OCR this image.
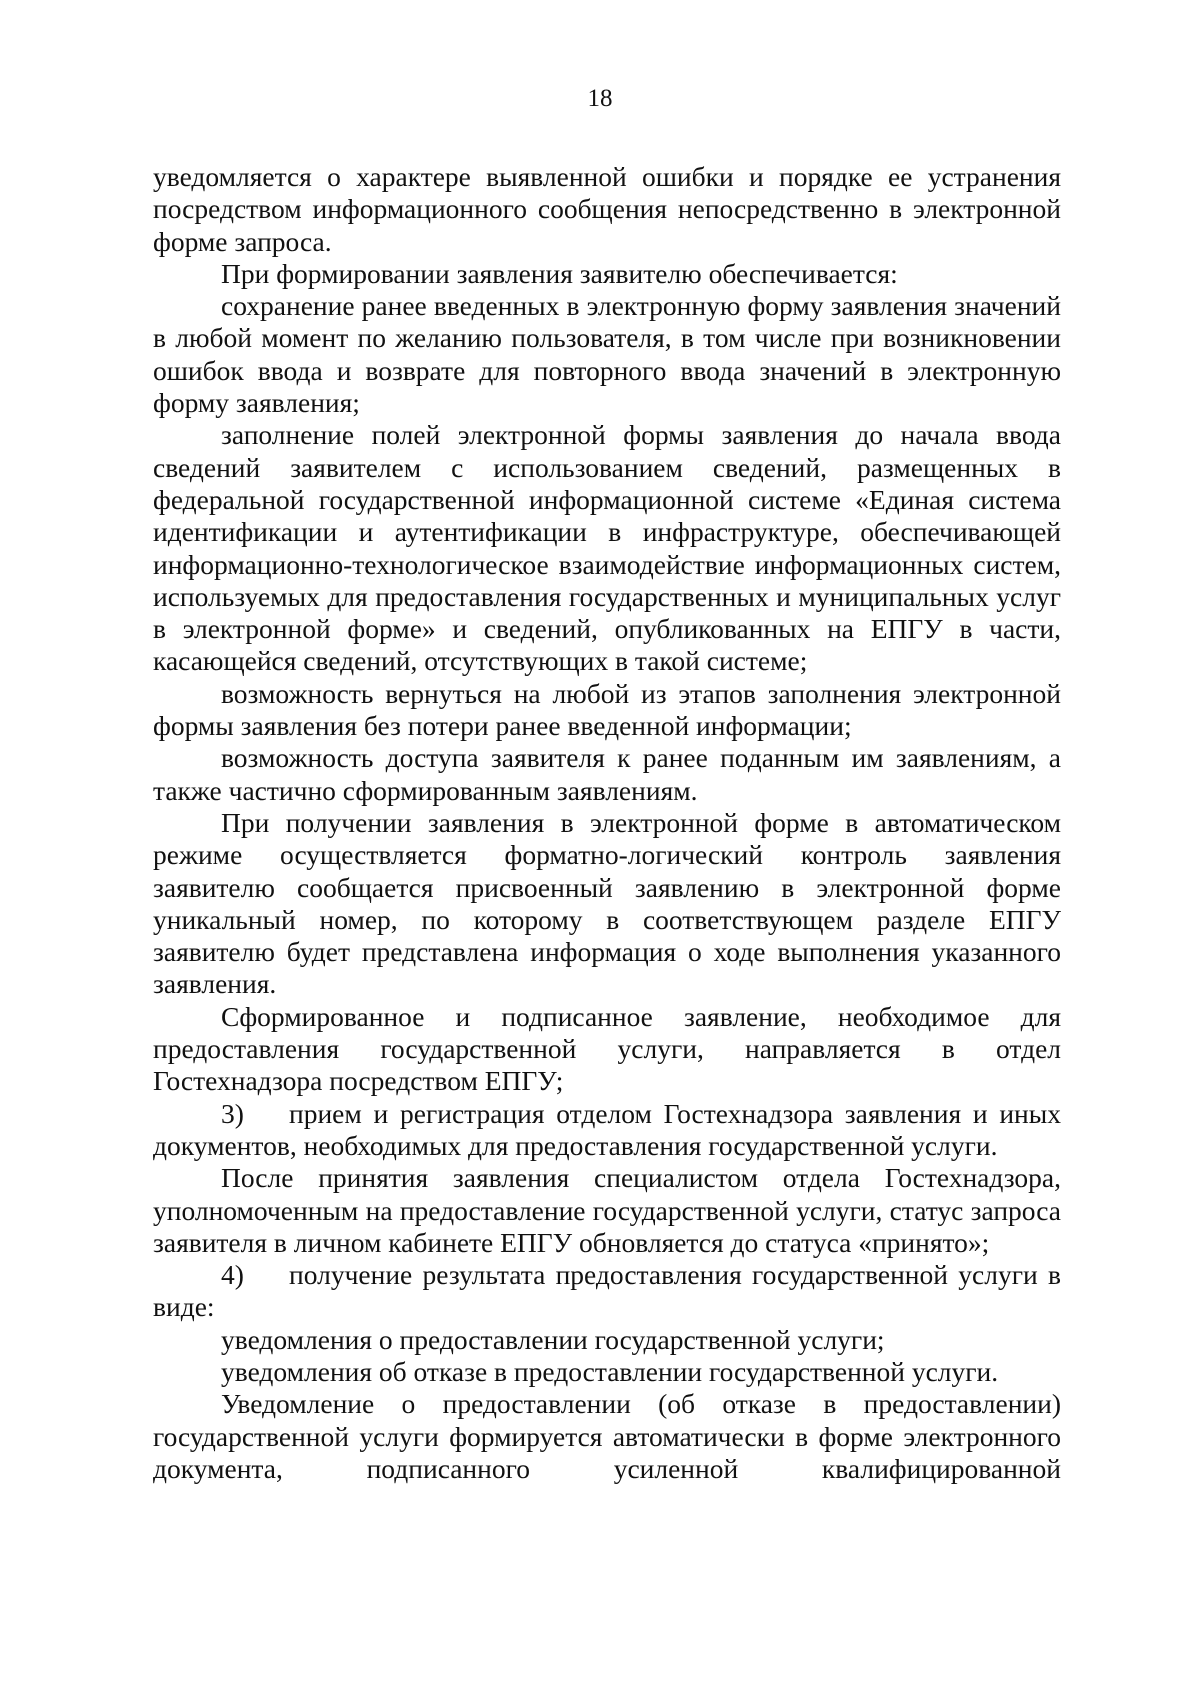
18

уведомляется о характере выявленной ошибки и порядке ее устранения посредством информационного сообщения непосредственно в электронной форме запроса.

При формировании заявления заявителю обеспечивается:

сохранение ранее введенных в электронную форму заявления значений в любой момент по желанию пользователя, в том числе при возникновении ошибок ввода и возврате для повторного ввода значений в электронную форму заявления;

заполнение полей электронной формы заявления до начала ввода сведений заявителем с использованием сведений, размещенных в федеральной государственной информационной системе «Единая система идентификации и аутентификации в инфраструктуре, обеспечивающей информационно-технологическое взаимодействие информационных систем, используемых для предоставления государственных и муниципальных услуг в электронной форме» и сведений, опубликованных на ЕПГУ в части, касающейся сведений, отсутствующих в такой системе;

возможность вернуться на любой из этапов заполнения электронной формы заявления без потери ранее введенной информации;

возможность доступа заявителя к ранее поданным им заявлениям, а также частично сформированным заявлениям.

При получении заявления в электронной форме в автоматическом режиме осуществляется форматно-логический контроль заявления заявителю сообщается присвоенный заявлению в электронной форме уникальный номер, по которому в соответствующем разделе ЕПГУ заявителю будет представлена информация о ходе выполнения указанного заявления.

Сформированное и подписанное заявление, необходимое для предоставления государственной услуги, направляется в отдел Гостехнадзора посредством ЕПГУ;

3) прием и регистрация отделом Гостехнадзора заявления и иных документов, необходимых для предоставления государственной услуги.

После принятия заявления специалистом отдела Гостехнадзора, уполномоченным на предоставление государственной услуги, статус запроса заявителя в личном кабинете ЕПГУ обновляется до статуса «принято»;

4) получение результата предоставления государственной услуги в виде:

уведомления о предоставлении государственной услуги;

уведомления об отказе в предоставлении государственной услуги.

Уведомление о предоставлении (об отказе в предоставлении) государственной услуги формируется автоматически в форме электронного документа, подписанного усиленной квалифицированной
